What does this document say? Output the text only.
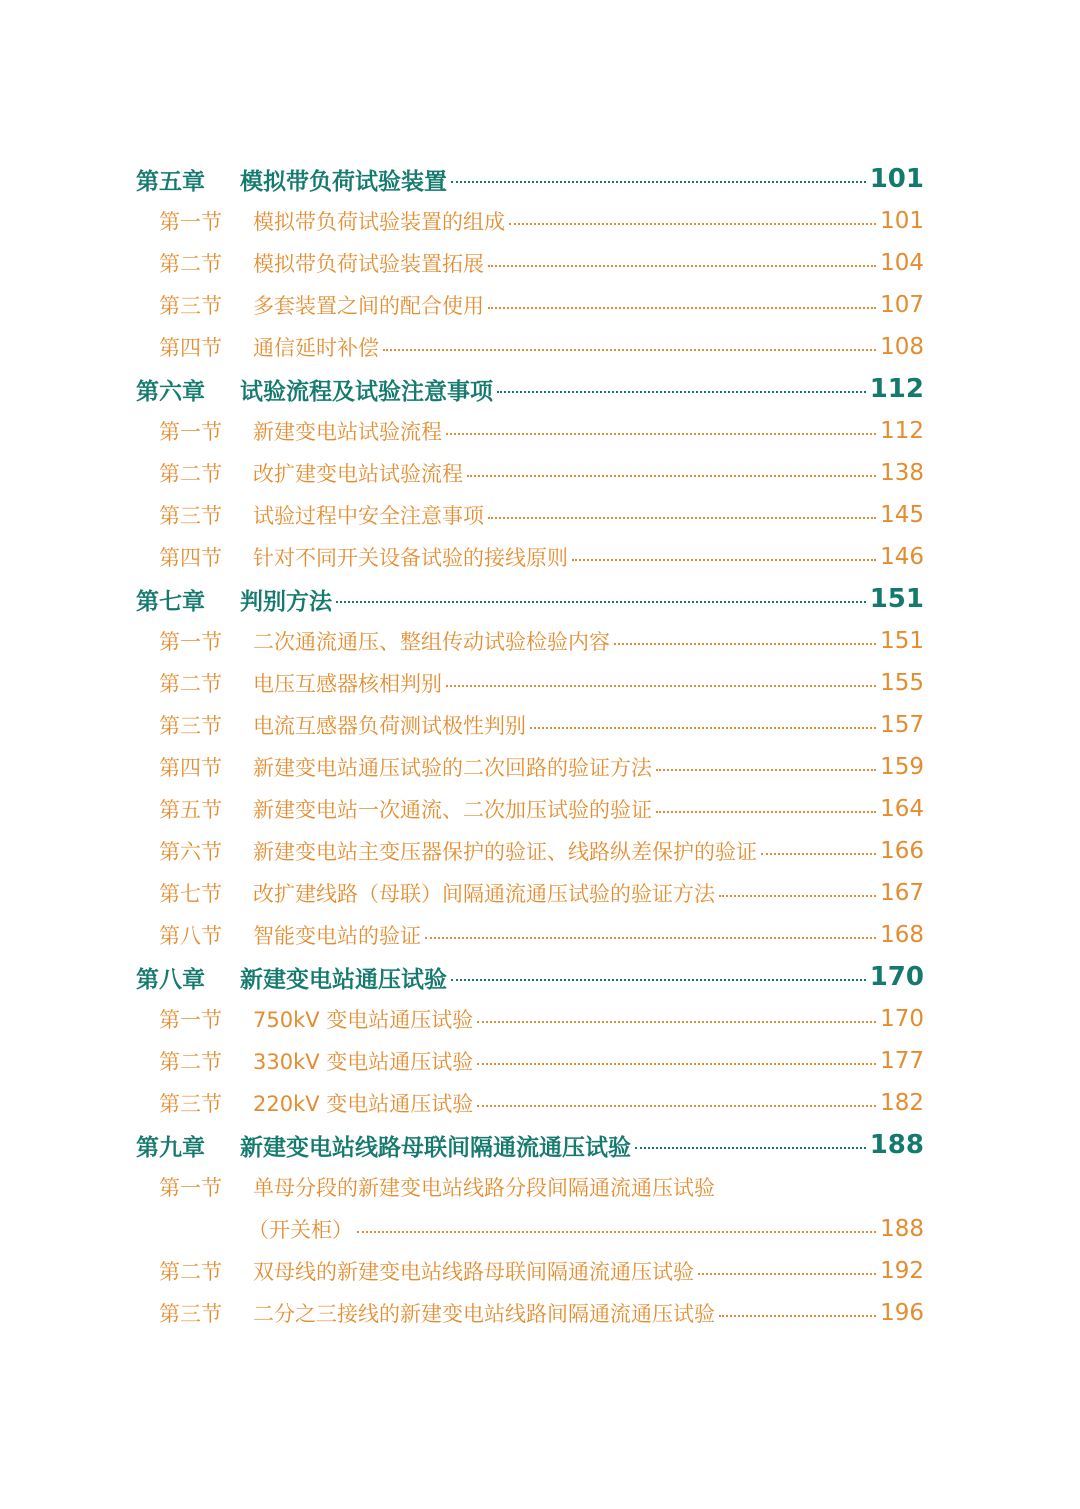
第五章	模拟带负荷试验装置	101
第一节	模拟带负荷试验装置的组成	101
第二节	模拟带负荷试验装置拓展	104
第三节	多套装置之间的配合使用	107
第四节	通信延时补偿	108
第六章	试验流程及试验注意事项	112
第一节	新建变电站试验流程	112
第二节	改扩建变电站试验流程	138
第三节	试验过程中安全注意事项	145
第四节	针对不同开关设备试验的接线原则	146
第七章	判别方法	151
第一节	二次通流通压、整组传动试验检验内容	151
第二节	电压互感器核相判别	155
第三节	电流互感器负荷测试极性判别	157
第四节	新建变电站通压试验的二次回路的验证方法	159
第五节	新建变电站一次通流、二次加压试验的验证	164
第六节	新建变电站主变压器保护的验证、线路纵差保护的验证	166
第七节	改扩建线路（母联）间隔通流通压试验的验证方法	167
第八节	智能变电站的验证	168
第八章	新建变电站通压试验	170
第一节	750kV 变电站通压试验	170
第二节	330kV 变电站通压试验	177
第三节	220kV 变电站通压试验	182
第九章	新建变电站线路母联间隔通流通压试验	188
第一节	单母分段的新建变电站线路分段间隔通流通压试验
（开关柜）	188
第二节	双母线的新建变电站线路母联间隔通流通压试验	192
第三节	二分之三接线的新建变电站线路间隔通流通压试验	196
